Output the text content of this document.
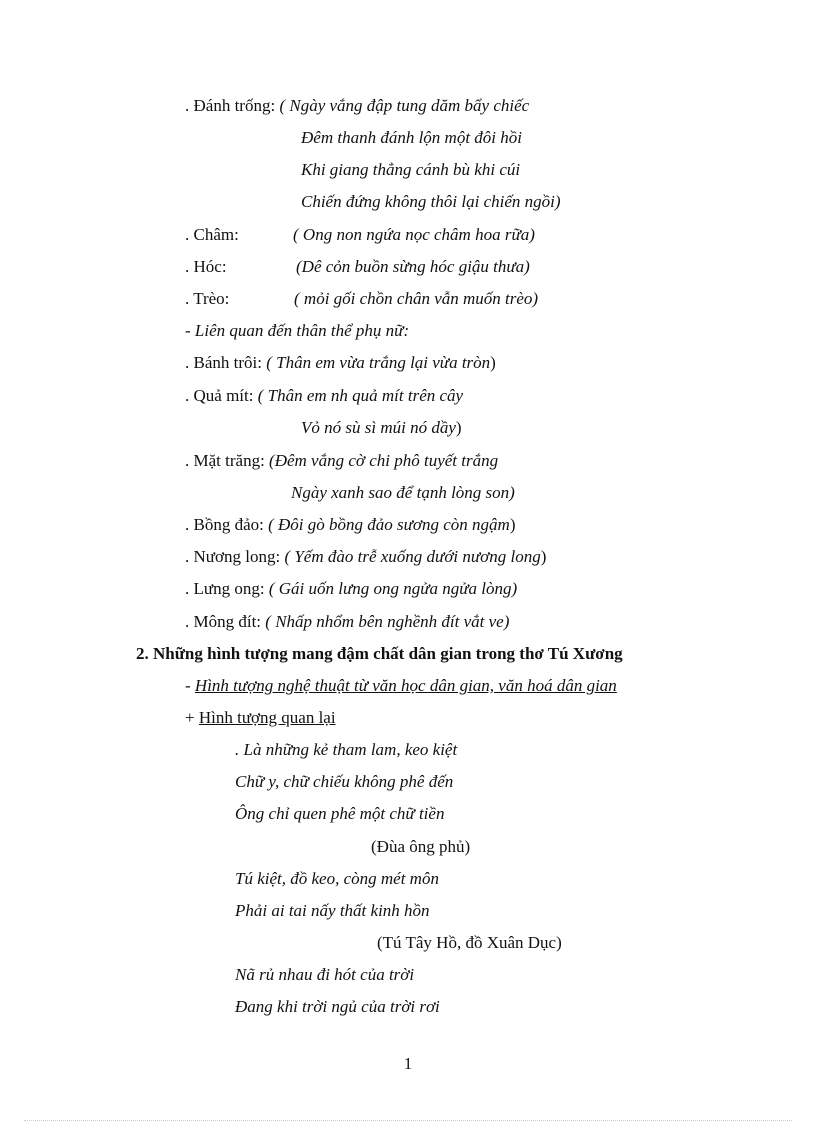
. Đánh trống: ( Ngày vắng đập tung dăm bẩy chiếc
Đêm thanh đánh lộn một đôi hồi
Khi giang thẳng cánh bù khi cúi
Chiến đứng không thôi lại chiến ngồi)
. Châm:	( Ong non ngứa nọc châm hoa rữa)
. Hóc:	(Dê cỏn buồn sừng hóc giậu thưa)
. Trèo:	( mỏi gối chồn chân vẫn muốn trèo)
- Liên quan đến thân thể phụ nữ:
. Bánh trôi: ( Thân em vừa trắng lại vừa tròn)
. Quả mít: ( Thân em nh quả mít trên cây
Vỏ nó sù sì múi nó dầy)
. Mặt trăng: (Đêm vắng cờ chi phô tuyết trắng
Ngày xanh sao để tạnh lòng son)
. Bồng đảo: ( Đôi gò bồng đảo sương còn ngậm)
. Nương long: ( Yếm đào trễ xuống dưới nương long)
. Lưng ong: ( Gái uốn lưng ong ngửa ngửa lòng)
. Mông đít: ( Nhấp nhổm bên nghềnh đít vắt ve)
2. Những hình tượng mang đậm chất dân gian trong thơ Tú Xương
- Hình tượng nghệ thuật từ văn học dân gian, văn hoá dân gian
+ Hình tượng quan lại
. Là những kẻ tham lam, keo kiệt
Chữ y, chữ chiếu không phê đến
Ông chỉ quen phê một chữ tiền
(Đùa ông phủ)
Tú kiệt, đồ keo, còng mét môn
Phải ai tai nấy thất kinh hồn
(Tú Tây Hồ, đồ Xuân Dục)
Nã rủ nhau đi hót của trời
Đang khi trời ngủ của trời rơi
1
